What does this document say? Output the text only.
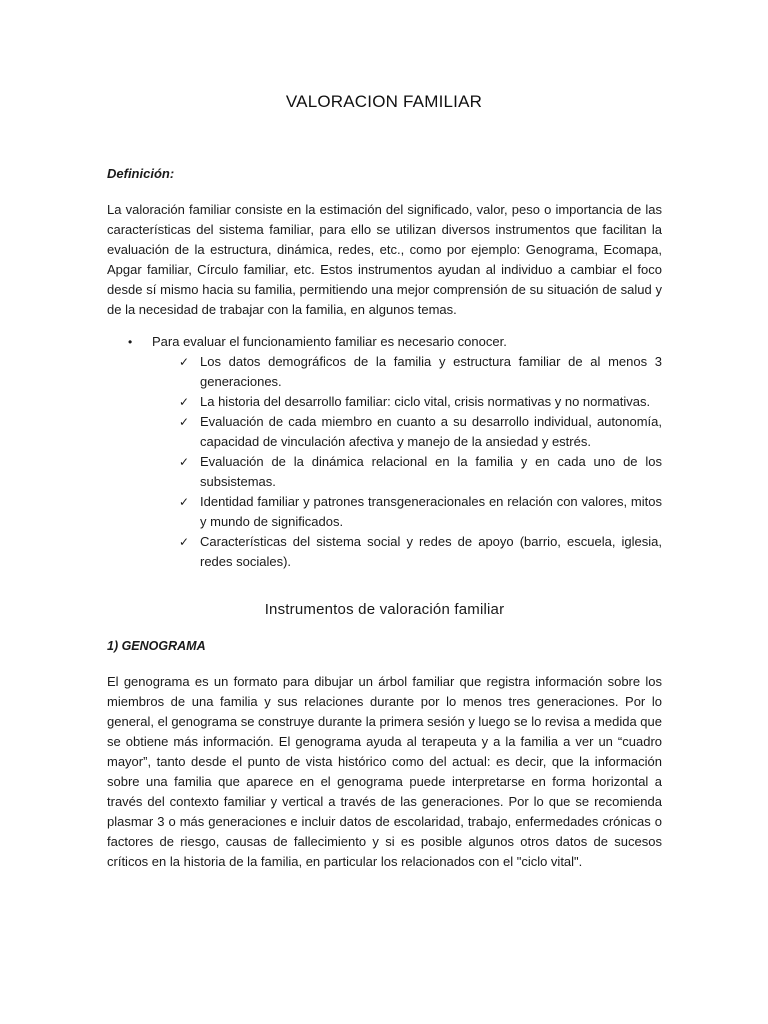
VALORACION FAMILIAR
Definición:

La valoración familiar consiste en la estimación del significado, valor, peso o importancia de las características del sistema familiar, para ello se utilizan diversos instrumentos que facilitan la evaluación de la estructura, dinámica, redes, etc., como por ejemplo: Genograma, Ecomapa, Apgar familiar, Círculo familiar, etc. Estos instrumentos ayudan al individuo a cambiar el foco desde sí mismo hacia su familia, permitiendo una mejor comprensión de su situación de salud y de la necesidad de trabajar con la familia, en algunos temas.

• Para evaluar el funcionamiento familiar es necesario conocer.
✓ Los datos demográficos de la familia y estructura familiar de al menos 3 generaciones.
✓ La historia del desarrollo familiar: ciclo vital, crisis normativas y no normativas.
✓ Evaluación de cada miembro en cuanto a su desarrollo individual, autonomía, capacidad de vinculación afectiva y manejo de la ansiedad y estrés.
✓ Evaluación de la dinámica relacional en la familia y en cada uno de los subsistemas.
✓ Identidad familiar y patrones transgeneracionales en relación con valores, mitos y mundo de significados.
✓ Características del sistema social y redes de apoyo (barrio, escuela, iglesia, redes sociales).
Instrumentos de valoración familiar
1) GENOGRAMA

El genograma es un formato para dibujar un árbol familiar que registra información sobre los miembros de una familia y sus relaciones durante por lo menos tres generaciones. Por lo general, el genograma se construye durante la primera sesión y luego se lo revisa a medida que se obtiene más información. El genograma ayuda al terapeuta y a la familia a ver un “cuadro mayor”, tanto desde el punto de vista histórico como del actual: es decir, que la información sobre una familia que aparece en el genograma puede interpretarse en forma horizontal a través del contexto familiar y vertical a través de las generaciones. Por lo que se recomienda plasmar 3 o más generaciones e incluir datos de escolaridad, trabajo, enfermedades crónicas o factores de riesgo, causas de fallecimiento y si es posible algunos otros datos de sucesos críticos en la historia de la familia, en particular los relacionados con el "ciclo vital".
